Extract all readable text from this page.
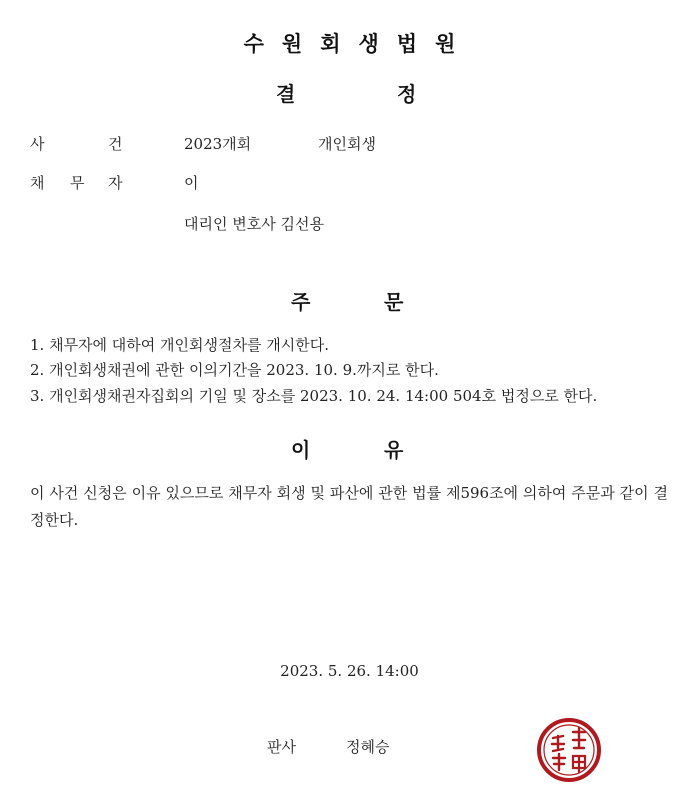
수원회생법원
결	정
사	건	2023개회	개인회생
채 무 자	이
대리인 변호사 김선용
주	문
1. 채무자에 대하여 개인회생절차를 개시한다.
2. 개인회생채권에 관한 이의기간을 2023. 10. 9.까지로 한다.
3. 개인회생채권자집회의 기일 및 장소를 2023. 10. 24. 14:00 504호 법정으로 한다.
이	유
이 사건 신청은 이유 있으므로 채무자 회생 및 파산에 관한 법률 제596조에 의하여 주문과 같이 결정한다.
2023. 5. 26. 14:00
판사	정혜승
